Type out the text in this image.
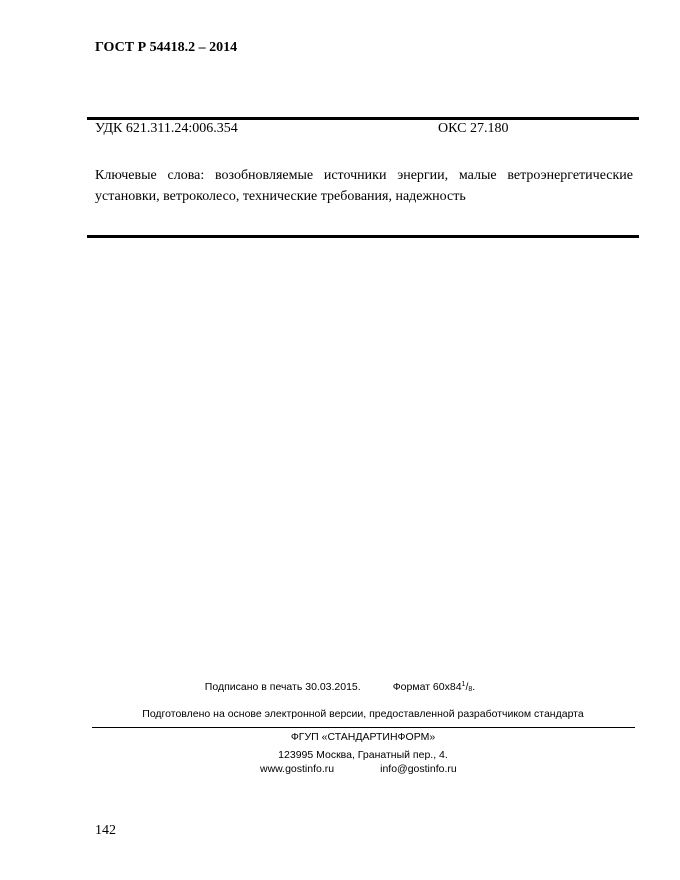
ГОСТ Р 54418.2 – 2014
УДК 621.311.24:006.354	ОКС 27.180
Ключевые слова: возобновляемые источники энергии, малые ветроэнергетические установки, ветроколесо, технические требования, надежность
Подписано в печать 30.03.2015.	Формат $60х84^1/_8$.
Подготовлено на основе электронной версии, предоставленной разработчиком стандарта
ФГУП «СТАНДАРТИНФОРМ»
123995 Москва, Гранатный пер., 4.
www.gostinfo.ru	info@gostinfo.ru
142
